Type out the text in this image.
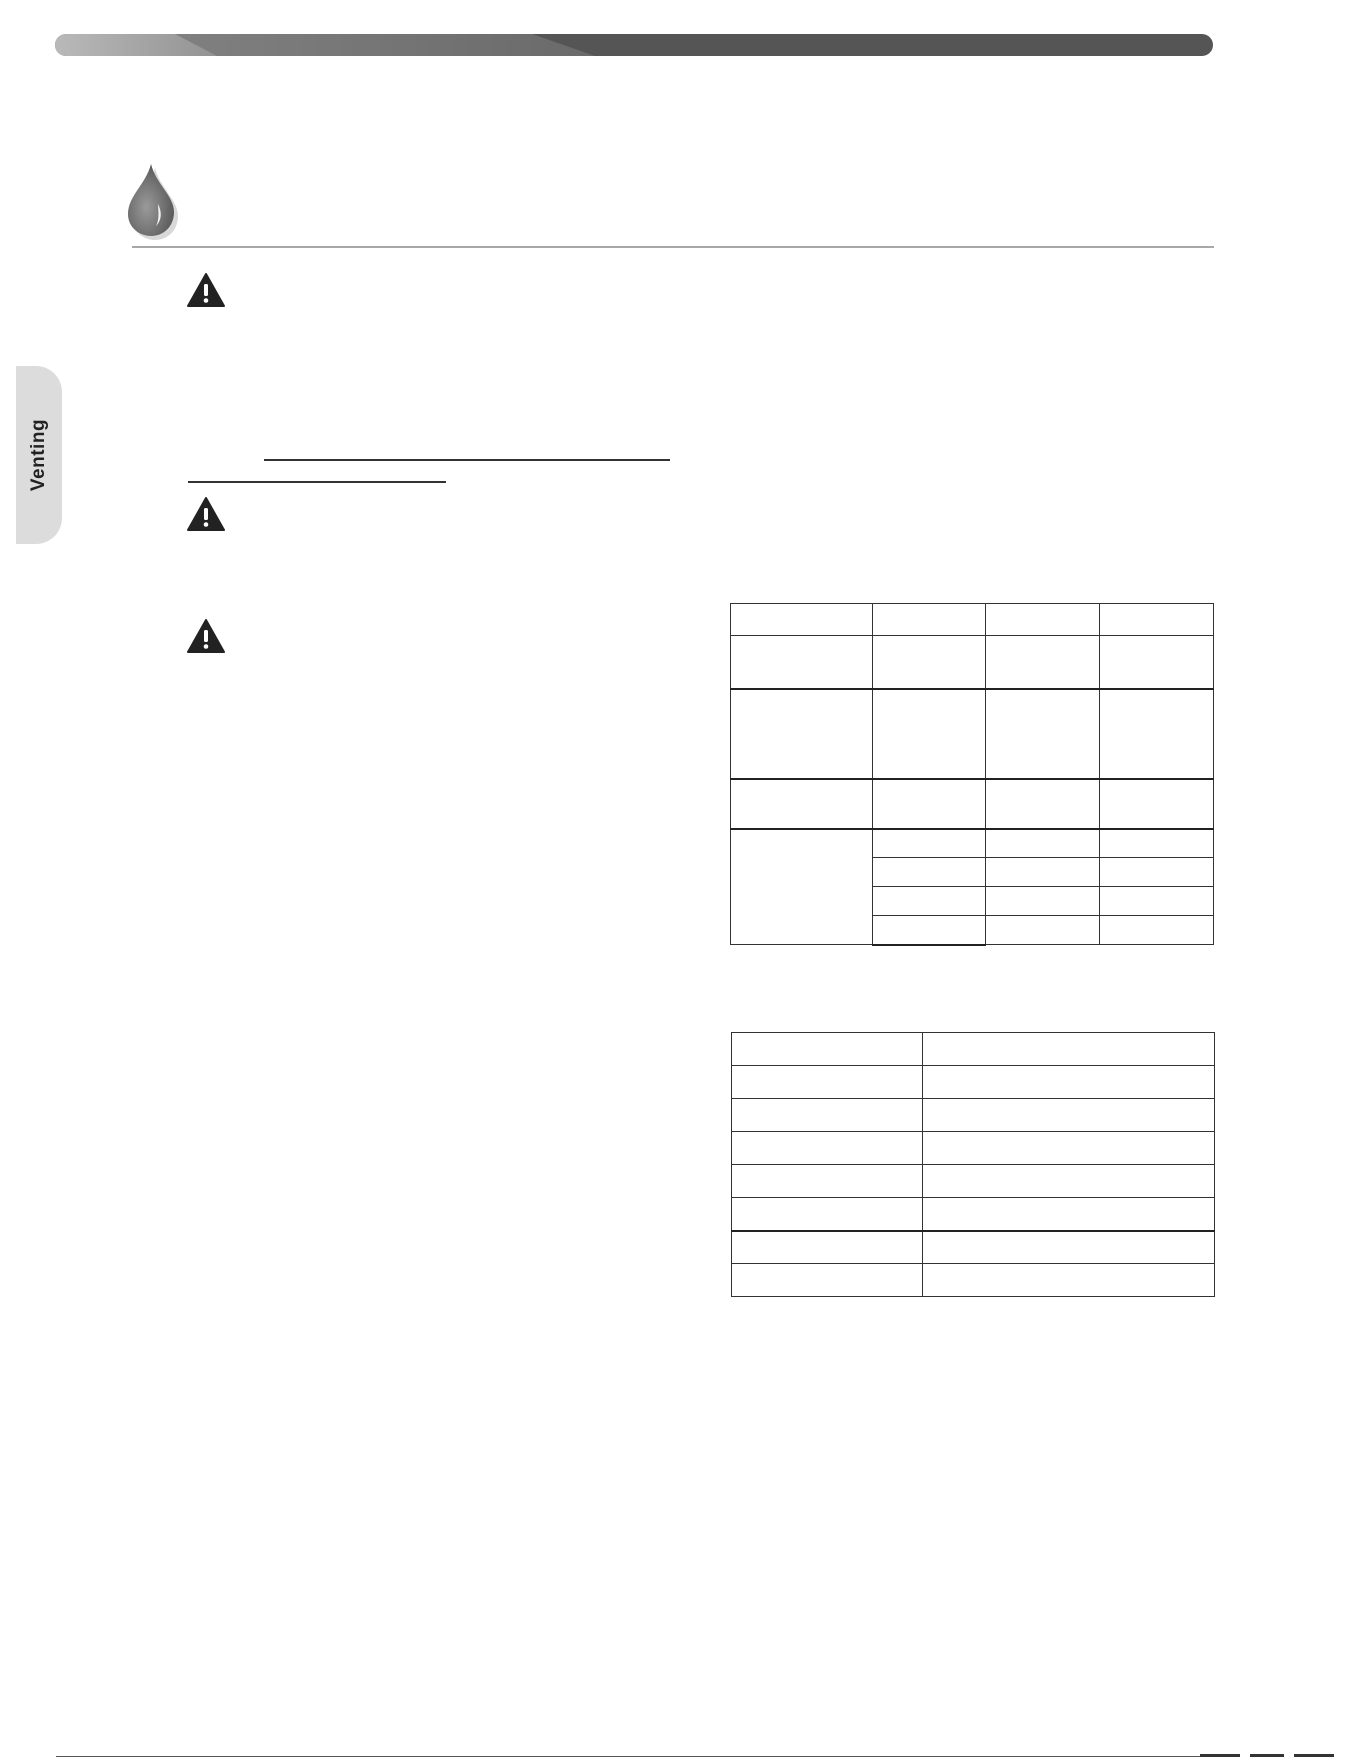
Venting
